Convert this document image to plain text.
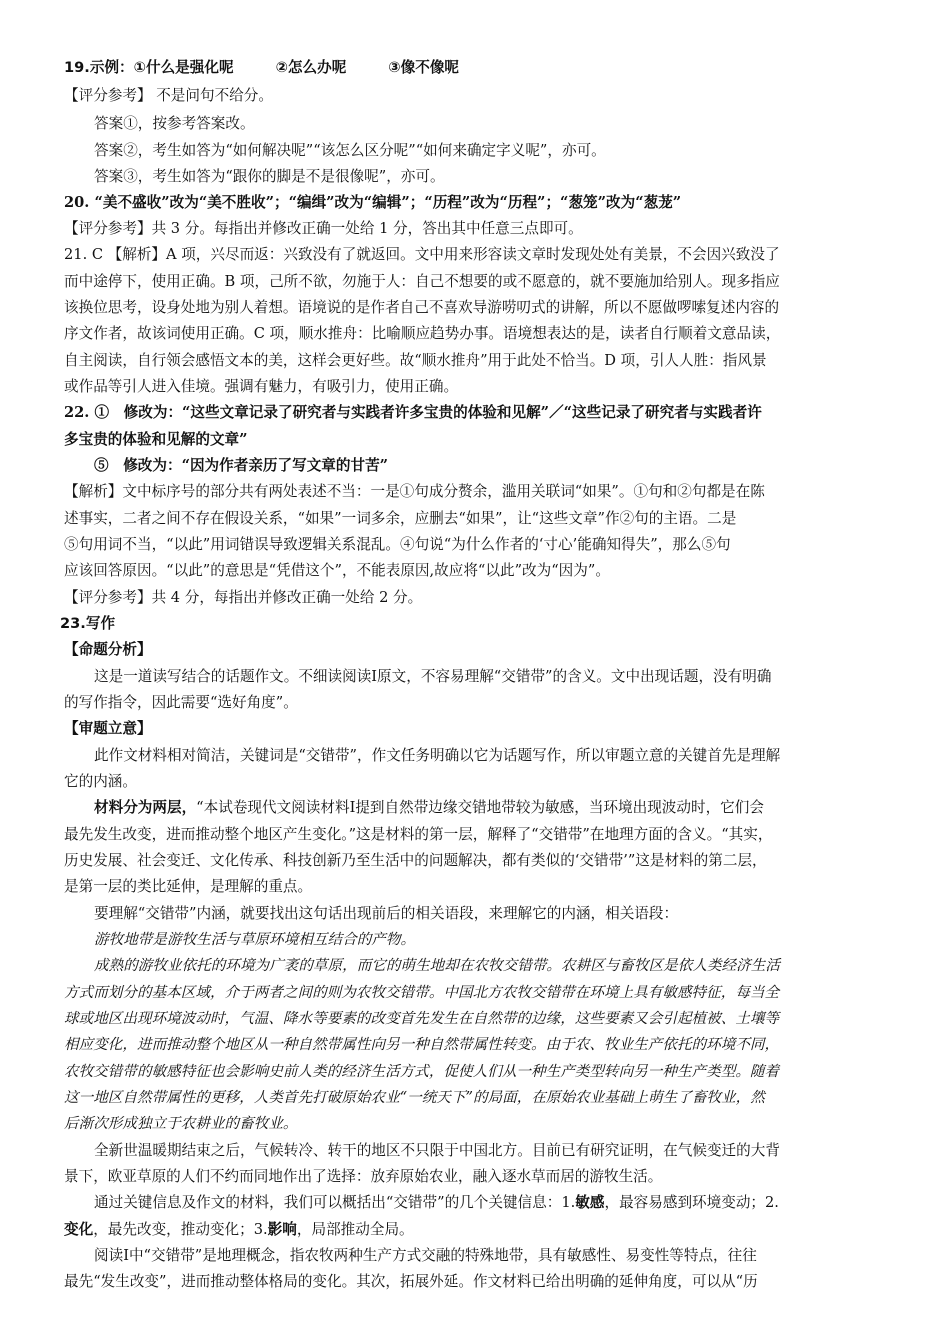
19.示例：①什么是强化呢	②怎么办呢	③像不像呢
【评分参考】 不是问句不给分。
答案①，按参考答案改。
答案②，考生如答为“如何解决呢”“该怎么区分呢”“如何来确定字义呢”，亦可。
答案③，考生如答为“跟你的脚是不是很像呢”，亦可。
20. “美不盛收”改为“美不胜收”；“编缉”改为“编辑”；“历程”改为“历程”；“葱笼”改为“葱茏”
【评分参考】共 3 分。每指出并修改正确一处给 1 分，答出其中任意三点即可。
21. C 【解析】A 项，兴尽而返：兴致没有了就返回。文中用来形容读文章时发现处处有美景，不会因兴致没了
而中途停下，使用正确。B 项，己所不欲，勿施于人：自己不想要的或不愿意的，就不要施加给别人。现多指应
该换位思考，设身处地为别人着想。语境说的是作者自己不喜欢导游唠叨式的讲解，所以不愿做啰嗦复述内容的
序文作者，故该词使用正确。C 项，顺水推舟：比喻顺应趋势办事。语境想表达的是，读者自行顺着文意品读，
自主阅读，自行领会感悟文本的美，这样会更好些。故“顺水推舟”用于此处不恰当。D 项，引人人胜：指风景
或作品等引人进入佳境。强调有魅力，有吸引力，使用正确。
22. ①　修改为：“这些文章记录了研究者与实践者许多宝贵的体验和见解”／“这些记录了研究者与实践者许
多宝贵的体验和见解的文章”
⑤　修改为：“因为作者亲历了写文章的甘苦”
【解析】文中标序号的部分共有两处表述不当：一是①句成分赘余，滥用关联词“如果”。①句和②句都是在陈
述事实，二者之间不存在假设关系，“如果”一词多余，应删去“如果”，让“这些文章”作②句的主语。二是
⑤句用词不当，“以此”用词错误导致逻辑关系混乱。④句说“为什么作者的‘寸心’能确知得失”，那么⑤句
应该回答原因。“以此”的意思是“凭借这个”，不能表原因,故应将“以此”改为“因为”。
【评分参考】共 4 分，每指出并修改正确一处给 2 分。
23.写作
【命题分析】
这是一道读写结合的话题作文。不细读阅读Ⅰ原文，不容易理解“交错带”的含义。文中出现话题，没有明确
的写作指令，因此需要“选好角度”。
【审题立意】
此作文材料相对简洁，关键词是“交错带”，作文任务明确以它为话题写作，所以审题立意的关键首先是理解
它的内涵。
材料分为两层，“本试卷现代文阅读材料Ⅰ提到自然带边缘交错地带较为敏感，当环境出现波动时，它们会
最先发生改变，进而推动整个地区产生变化。”这是材料的第一层，解释了“交错带”在地理方面的含义。“其实，
历史发展、社会变迁、文化传承、科技创新乃至生活中的问题解决，都有类似的‘交错带’”这是材料的第二层，
是第一层的类比延伸，是理解的重点。
要理解“交错带”内涵，就要找出这句话出现前后的相关语段，来理解它的内涵，相关语段：
游牧地带是游牧生活与草原环境相互结合的产物。
成熟的游牧业依托的环境为广袤的草原，而它的萌生地却在农牧交错带。农耕区与畜牧区是依人类经济生活
方式而划分的基本区域，介于两者之间的则为农牧交错带。中国北方农牧交错带在环境上具有敏感特征，每当全
球或地区出现环境波动时，气温、降水等要素的改变首先发生在自然带的边缘，这些要素又会引起植被、土壤等
相应变化，进而推动整个地区从一种自然带属性向另一种自然带属性转变。由于农、牧业生产依托的环境不同，
农牧交错带的敏感特征也会影响史前人类的经济生活方式，促使人们从一种生产类型转向另一种生产类型。随着
这一地区自然带属性的更移，人类首先打破原始农业“一统天下”的局面，在原始农业基础上萌生了畜牧业，然
后渐次形成独立于农耕业的畜牧业。
全新世温暖期结束之后，气候转冷、转干的地区不只限于中国北方。目前已有研究证明，在气候变迁的大背
景下，欧亚草原的人们不约而同地作出了选择：放弃原始农业，融入逐水草而居的游牧生活。
通过关键信息及作文的材料，我们可以概括出“交错带”的几个关键信息：1.敏感，最容易感到环境变动；2.
变化，最先改变，推动变化；3.影响，局部推动全局。
阅读Ⅰ中“交错带”是地理概念，指农牧两种生产方式交融的特殊地带，具有敏感性、易变性等特点，往往
最先“发生改变”，进而推动整体格局的变化。其次，拓展外延。作文材料已给出明确的延伸角度，可以从“历
